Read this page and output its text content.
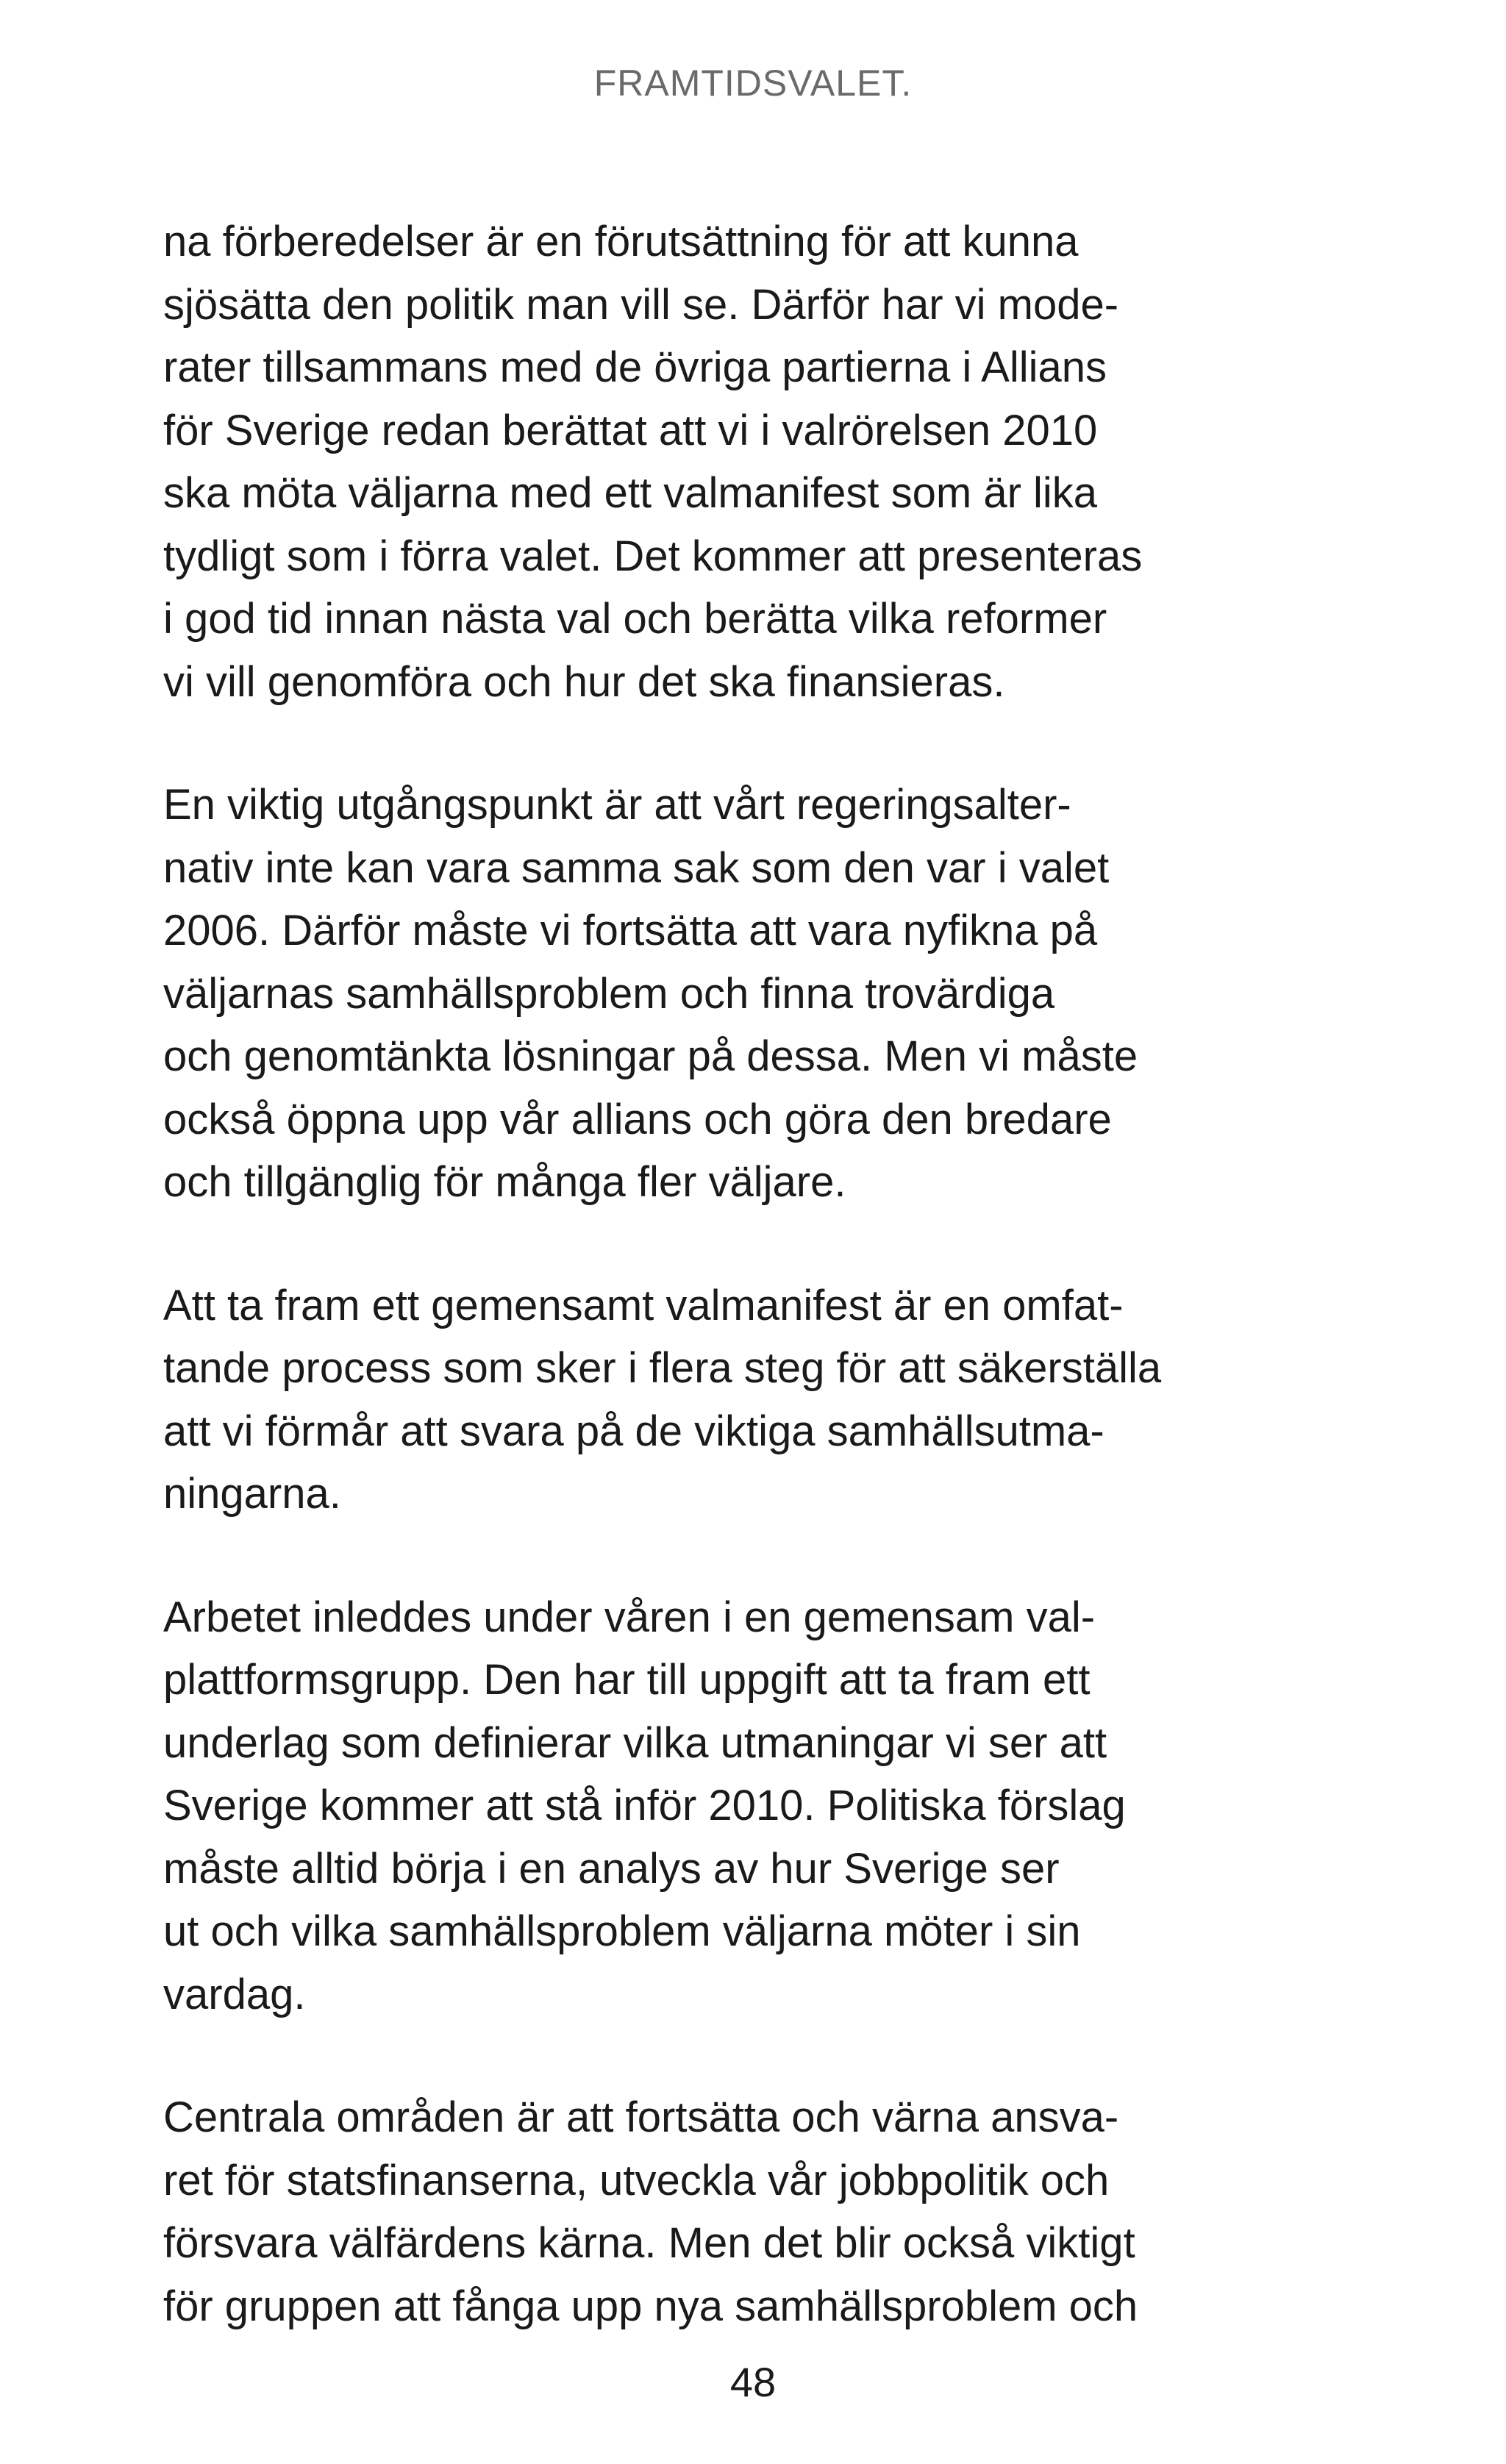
FRAMTIDSVALET.

na förberedelser är en förutsättning för att kunna
sjösätta den politik man vill se. Därför har vi mode-
rater tillsammans med de övriga partierna i Allians
för Sverige redan berättat att vi i valrörelsen 2010
ska möta väljarna med ett valmanifest som är lika
tydligt som i förra valet. Det kommer att presenteras
i god tid innan nästa val och berätta vilka reformer
vi vill genomföra och hur det ska finansieras.

En viktig utgångspunkt är att vårt regeringsalter-
nativ inte kan vara samma sak som den var i valet
2006. Därför måste vi fortsätta att vara nyfikna på
väljarnas samhällsproblem och finna trovärdiga
och genomtänkta lösningar på dessa. Men vi måste
också öppna upp vår allians och göra den bredare
och tillgänglig för många fler väljare.

Att ta fram ett gemensamt valmanifest är en omfat-
tande process som sker i flera steg för att säkerställa
att vi förmår att svara på de viktiga samhällsutma-
ningarna.

Arbetet inleddes under våren i en gemensam val-
plattformsgrupp. Den har till uppgift att ta fram ett
underlag som definierar vilka utmaningar vi ser att
Sverige kommer att stå inför 2010. Politiska förslag
måste alltid börja i en analys av hur Sverige ser
ut och vilka samhällsproblem väljarna möter i sin
vardag.

Centrala områden är att fortsätta och värna ansva-
ret för statsfinanserna, utveckla vår jobbpolitik och
försvara välfärdens kärna. Men det blir också viktigt
för gruppen att fånga upp nya samhällsproblem och

48
